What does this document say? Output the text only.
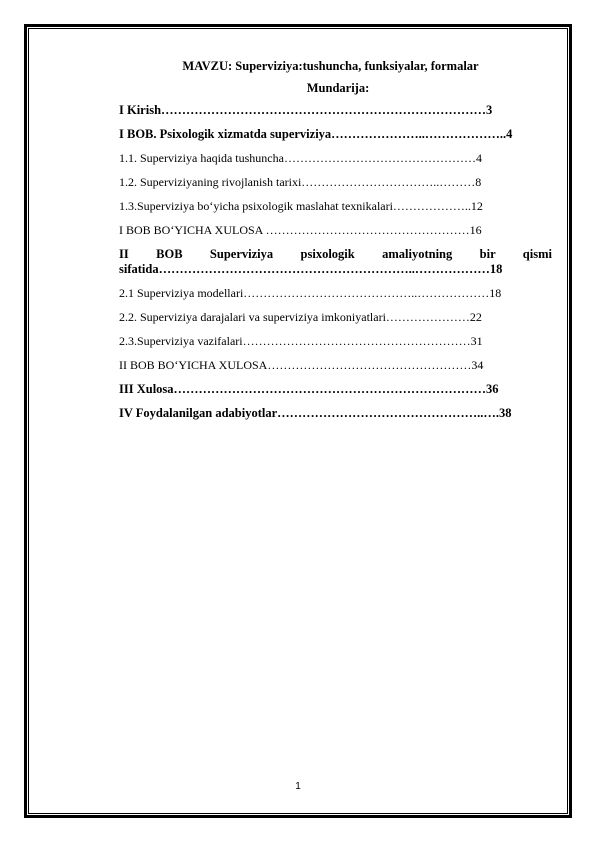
MAVZU: Superviziya:tushuncha, funksiyalar, formalar
Mundarija:
I Kirish……………………………………………………………………3
I BOB. Psixologik xizmatda superviziya…………………..………………..4
1.1. Superviziya haqida tushuncha…………………………………………4
1.2. Superviziyaning rivojlanish tarixi……………………………..………8
1.3.Superviziya bo‘yicha psixologik maslahat texnikalari………………..12
I BOB BO‘YICHA XULOSA ……………………………………………16
II BOB Superviziya psixologik amaliyotning bir qismi
sifatida……………………………………………………..………………18
2.1 Superviziya modellari……………………………………..………………18
2.2. Superviziya darajalari va superviziya imkoniyatlari…………………22
2.3.Superviziya vazifalari…………………………………………………31
II BOB BO‘YICHA XULOSA……………………………………………34
III Xulosa…………………………………………………………………36
IV Foydalanilgan adabiyotlar…………………………………………..….38
1
